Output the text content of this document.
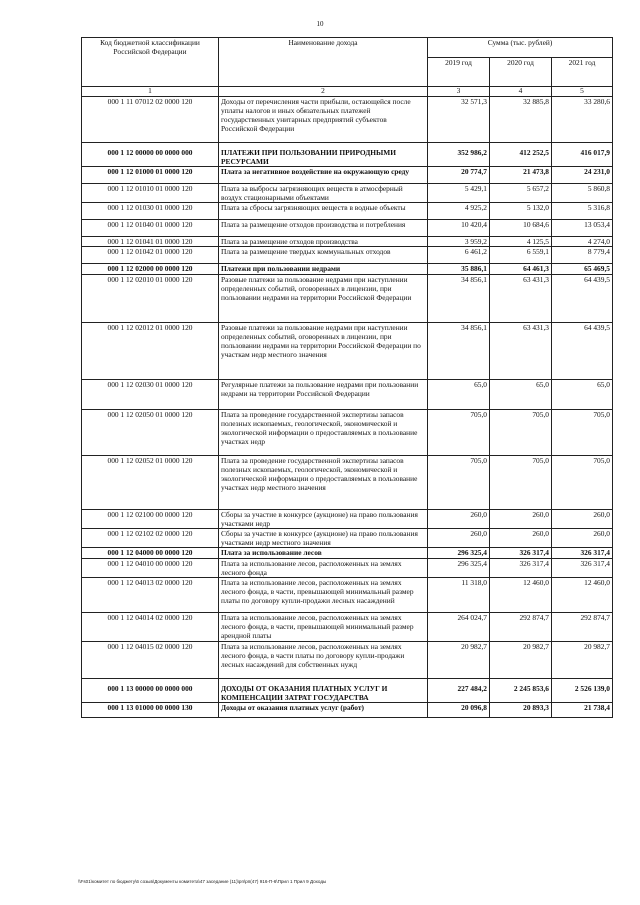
10
Код бюджетной классификации Российской Федерации	Наименование дохода	Сумма (тыс. рублей)		
		2019 год	2020 год	2021 год
1	2	3	4	5
000 1 11 07012 02 0000 120	Доходы от перечисления части прибыли, остающейся после уплаты налогов и иных обязательных платежей государственных унитарных предприятий субъектов Российской Федерации	32 571,3	32 885,8	33 280,6
000 1 12 00000 00 0000 000	ПЛАТЕЖИ ПРИ ПОЛЬЗОВАНИИ ПРИРОДНЫМИ РЕСУРСАМИ	352 986,2	412 252,5	416 017,9
000 1 12 01000 01 0000 120	Плата за негативное воздействие на окружающую среду	20 774,7	21 473,8	24 231,0
000 1 12 01010 01 0000 120	Плата за выбросы загрязняющих веществ в атмосферный воздух стационарными объектами	5 429,1	5 657,2	5 860,8
000 1 12 01030 01 0000 120	Плата за сбросы загрязняющих веществ в водные объекты	4 925,2	5 132,0	5 316,8
000 1 12 01040 01 0000 120	Плата за размещение отходов производства и потребления	10 420,4	10 684,6	13 053,4
000 1 12 01041 01 0000 120	Плата за размещение отходов производства	3 959,2	4 125,5	4 274,0
000 1 12 01042 01 0000 120	Плата за размещение твердых коммунальных отходов	6 461,2	6 559,1	8 779,4
000 1 12 02000 00 0000 120	Платежи при пользовании недрами	35 886,1	64 461,3	65 469,5
000 1 12 02010 01 0000 120	Разовые платежи за пользование недрами при наступлении определенных событий, оговоренных в лицензии, при пользовании недрами на территории Российской Федерации	34 856,1	63 431,3	64 439,5
000 1 12 02012 01 0000 120	Разовые платежи за пользование недрами при наступлении определенных событий, оговоренных в лицензии, при пользовании недрами на территории Российской Федерации по участкам недр местного значения	34 856,1	63 431,3	64 439,5
000 1 12 02030 01 0000 120	Регулярные платежи за пользование недрами при пользовании недрами на территории Российской Федерации	65,0	65,0	65,0
000 1 12 02050 01 0000 120	Плата за проведение государственной экспертизы запасов полезных ископаемых, геологической, экономической и экологической информации о предоставляемых в пользование участках недр	705,0	705,0	705,0
000 1 12 02052 01 0000 120	Плата за проведение государственной экспертизы запасов полезных ископаемых, геологической, экономической и экологической информации о предоставляемых в пользование участках недр местного значения	705,0	705,0	705,0
000 1 12 02100 00 0000 120	Сборы за участие в конкурсе (аукционе) на право пользования участками недр	260,0	260,0	260,0
000 1 12 02102 02 0000 120	Сборы за участие в конкурсе (аукционе) на право пользования участками недр местного значения	260,0	260,0	260,0
000 1 12 04000 00 0000 120	Плата за использование лесов	296 325,4	326 317,4	326 317,4
000 1 12 04010 00 0000 120	Плата за использование лесов, расположенных на землях лесного фонда	296 325,4	326 317,4	326 317,4
000 1 12 04013 02 0000 120	Плата за использование лесов, расположенных на землях лесного фонда, в части, превышающей минимальный размер платы по договору купли-продажи лесных насаждений	11 318,0	12 460,0	12 460,0
000 1 12 04014 02 0000 120	Плата за использование лесов, расположенных на землях лесного фонда, в части, превышающей минимальный размер арендной платы	264 024,7	292 874,7	292 874,7
000 1 12 04015 02 0000 120	Плата за использование лесов, расположенных на землях лесного фонда, в части платы по договору купли-продажи лесных насаждений для собственных нужд	20 982,7	20 982,7	20 982,7
000 1 13 00000 00 0000 000	ДОХОДЫ ОТ ОКАЗАНИЯ ПЛАТНЫХ УСЛУГ И КОМПЕНСАЦИИ ЗАТРАТ ГОСУДАРСТВА	227 484,2	2 245 853,6	2 526 139,0
000 1 13 01000 00 0000 130	Доходы от оказания платных услуг (работ)	20 096,8	20 893,3	21 738,4
\\Fs01\комитет по бюджету\6 созыв\Документы комитета\47 заседание (11)\рп\рп(47) 916-П-6\Прил 1 Прил 9 Доходы
